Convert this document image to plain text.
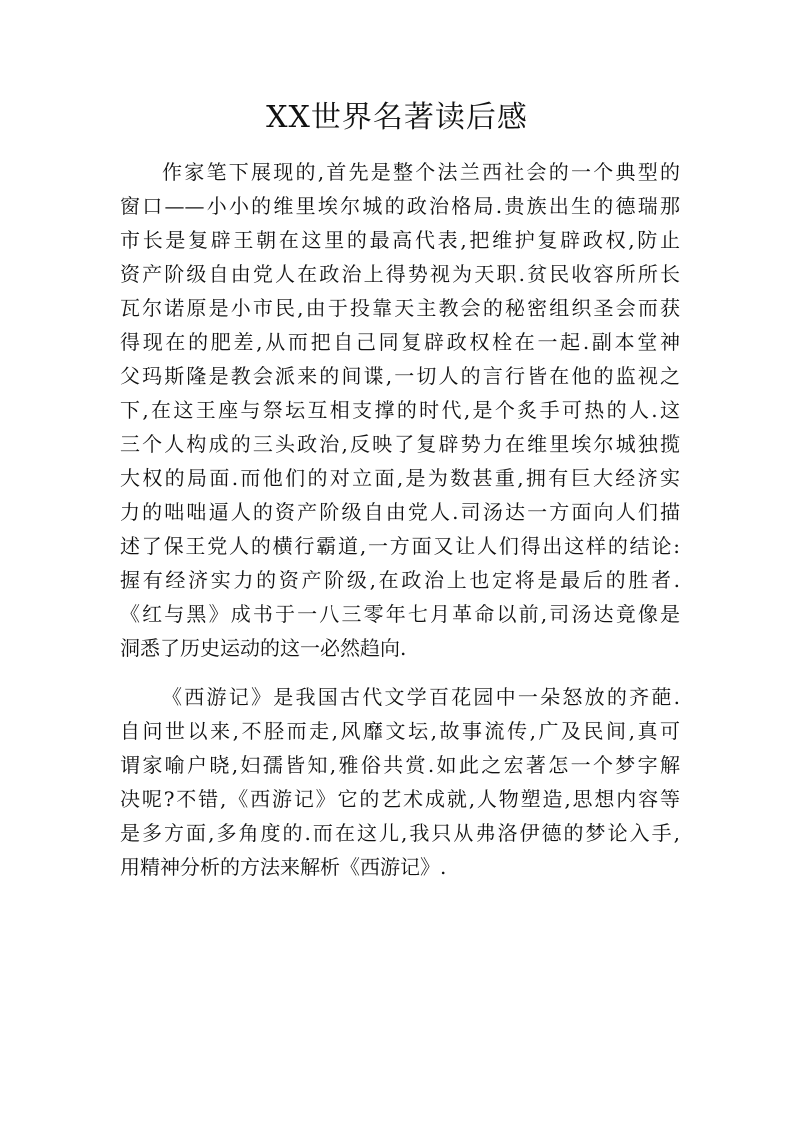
XX世界名著读后感
作家笔下展现的,首先是整个法兰西社会的一个典型的
窗口——小小的维里埃尔城的政治格局.贵族出生的德瑞那
市长是复辟王朝在这里的最高代表,把维护复辟政权,防止
资产阶级自由党人在政治上得势视为天职.贫民收容所所长
瓦尔诺原是小市民,由于投靠天主教会的秘密组织圣会而获
得现在的肥差,从而把自己同复辟政权栓在一起.副本堂神
父玛斯隆是教会派来的间谍,一切人的言行皆在他的监视之
下,在这王座与祭坛互相支撑的时代,是个炙手可热的人.这
三个人构成的三头政治,反映了复辟势力在维里埃尔城独揽
大权的局面.而他们的对立面,是为数甚重,拥有巨大经济实
力的咄咄逼人的资产阶级自由党人.司汤达一方面向人们描
述了保王党人的横行霸道,一方面又让人们得出这样的结论:
握有经济实力的资产阶级,在政治上也定将是最后的胜者.
《红与黑》成书于一八三零年七月革命以前,司汤达竟像是
洞悉了历史运动的这一必然趋向.
《西游记》是我国古代文学百花园中一朵怒放的齐葩.
自问世以来,不胫而走,风靡文坛,故事流传,广及民间,真可
谓家喻户晓,妇孺皆知,雅俗共赏.如此之宏著怎一个梦字解
决呢?不错,《西游记》它的艺术成就,人物塑造,思想内容等
是多方面,多角度的.而在这儿,我只从弗洛伊德的梦论入手,
用精神分析的方法来解析《西游记》.
